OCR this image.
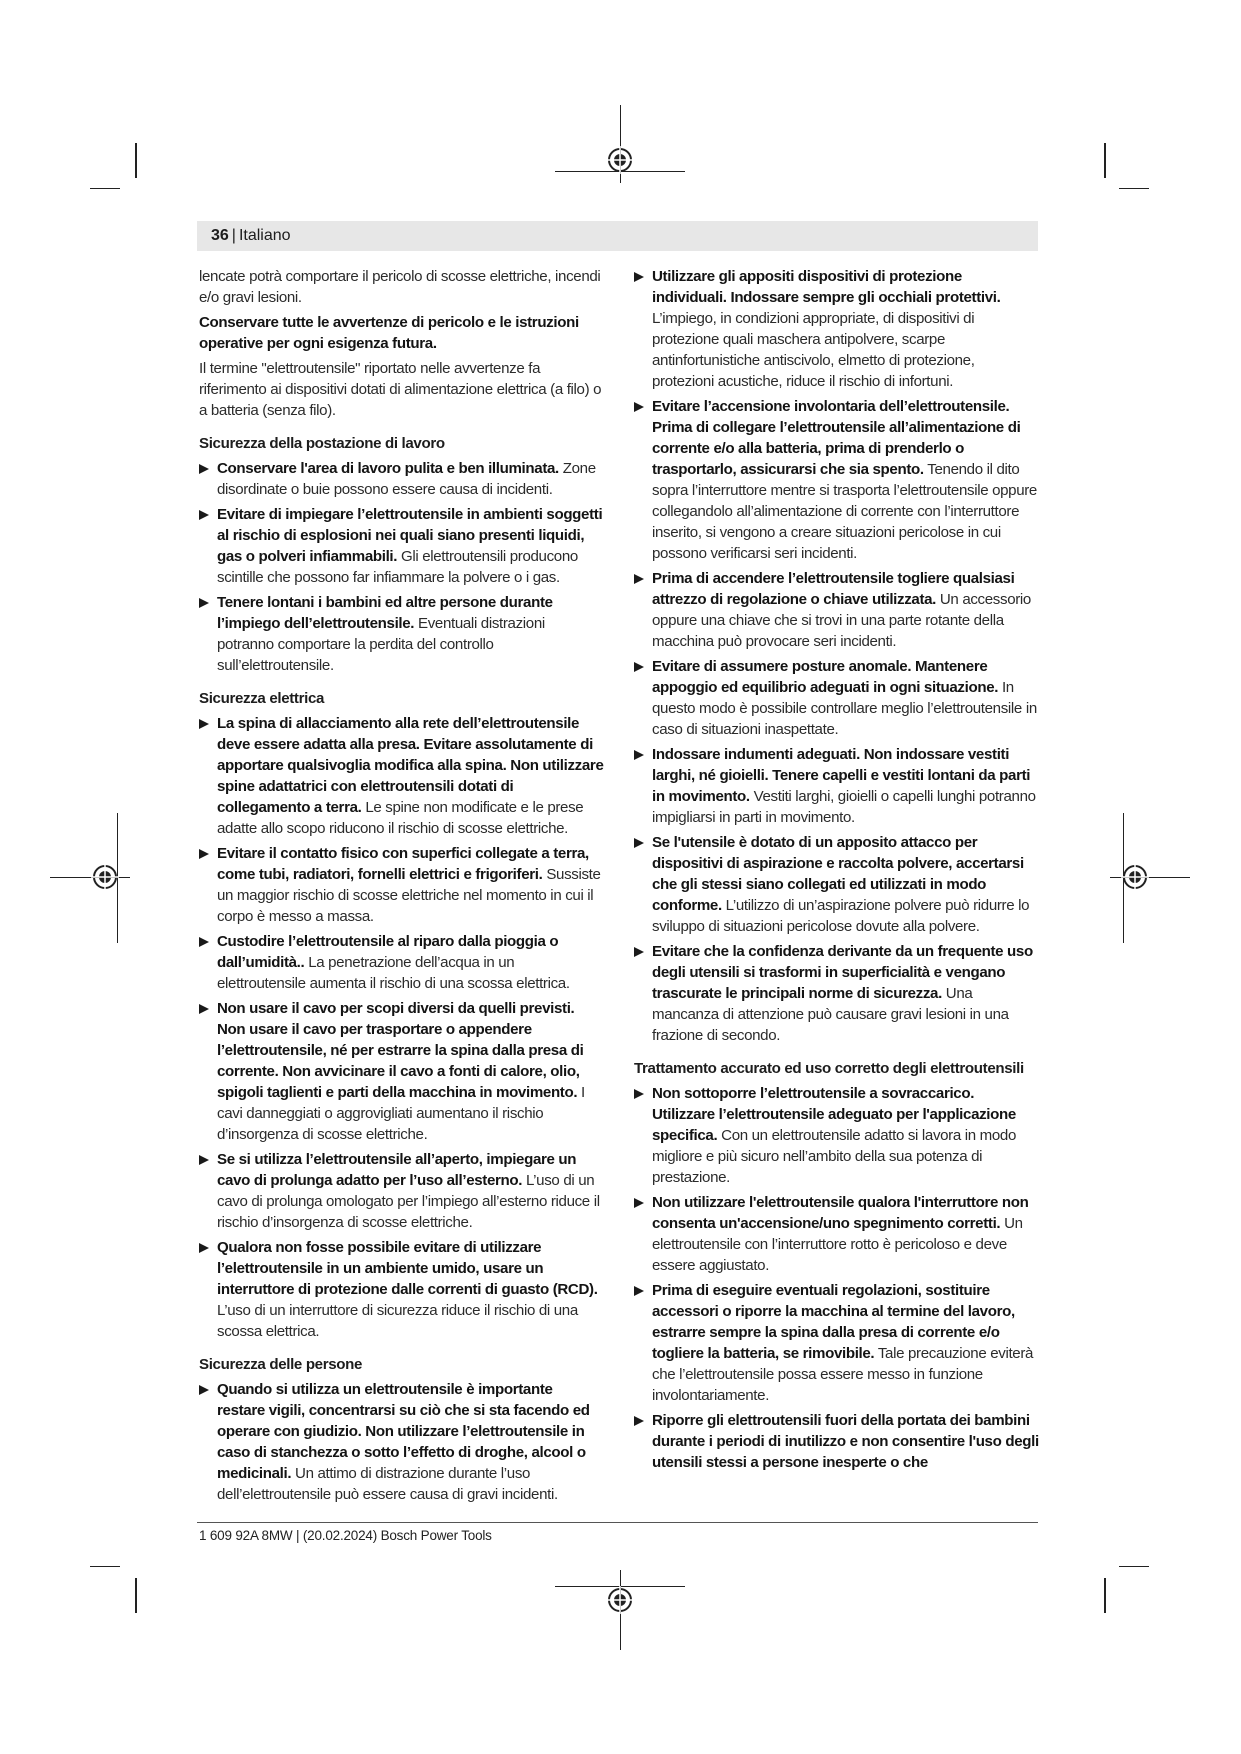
36 | Italiano

lencate potrà comportare il pericolo di scosse elettriche, incendi e/o gravi lesioni.

Conservare tutte le avvertenze di pericolo e le istruzioni operative per ogni esigenza futura.

Il termine "elettroutensile" riportato nelle avvertenze fa riferimento ai dispositivi dotati di alimentazione elettrica (a filo) o a batteria (senza filo).

Sicurezza della postazione di lavoro
Conservare l'area di lavoro pulita e ben illuminata. Zone disordinate o buie possono essere causa di incidenti.
Evitare di impiegare l’elettroutensile in ambienti soggetti al rischio di esplosioni nei quali siano presenti liquidi, gas o polveri infiammabili. Gli elettroutensili producono scintille che possono far infiammare la polvere o i gas.
Tenere lontani i bambini ed altre persone durante l’impiego dell’elettroutensile. Eventuali distrazioni potranno comportare la perdita del controllo sull’elettroutensile.
Sicurezza elettrica
La spina di allacciamento alla rete dell’elettroutensile deve essere adatta alla presa. Evitare assolutamente di apportare qualsivoglia modifica alla spina. Non utilizzare spine adattatrici con elettroutensili dotati di collegamento a terra. Le spine non modificate e le prese adatte allo scopo riducono il rischio di scosse elettriche.
Evitare il contatto fisico con superfici collegate a terra, come tubi, radiatori, fornelli elettrici e frigoriferi. Sussiste un maggior rischio di scosse elettriche nel momento in cui il corpo è messo a massa.
Custodire l’elettroutensile al riparo dalla pioggia o dall’umidità.. La penetrazione dell’acqua in un elettroutensile aumenta il rischio di una scossa elettrica.
Non usare il cavo per scopi diversi da quelli previsti. Non usare il cavo per trasportare o appendere l’elettroutensile, né per estrarre la spina dalla presa di corrente. Non avvicinare il cavo a fonti di calore, olio, spigoli taglienti e parti della macchina in movimento. I cavi danneggiati o aggrovigliati aumentano il rischio d’insorgenza di scosse elettriche.
Se si utilizza l’elettroutensile all’aperto, impiegare un cavo di prolunga adatto per l’uso all’esterno. L’uso di un cavo di prolunga omologato per l’impiego all’esterno riduce il rischio d’insorgenza di scosse elettriche.
Qualora non fosse possibile evitare di utilizzare l’elettroutensile in un ambiente umido, usare un interruttore di protezione dalle correnti di guasto (RCD). L’uso di un interruttore di sicurezza riduce il rischio di una scossa elettrica.
Sicurezza delle persone
Quando si utilizza un elettroutensile è importante restare vigili, concentrarsi su ciò che si sta facendo ed operare con giudizio. Non utilizzare l’elettroutensile in caso di stanchezza o sotto l’effetto di droghe, alcool o medicinali. Un attimo di distrazione durante l’uso dell’elettroutensile può essere causa di gravi incidenti.
Utilizzare gli appositi dispositivi di protezione individuali. Indossare sempre gli occhiali protettivi. L’impiego, in condizioni appropriate, di dispositivi di protezione quali maschera antipolvere, scarpe antinfortunistiche antiscivolo, elmetto di protezione, protezioni acustiche, riduce il rischio di infortuni.
Evitare l’accensione involontaria dell’elettroutensile. Prima di collegare l’elettroutensile all’alimentazione di corrente e/o alla batteria, prima di prenderlo o trasportarlo, assicurarsi che sia spento. Tenendo il dito sopra l’interruttore mentre si trasporta l’elettroutensile oppure collegandolo all’alimentazione di corrente con l’interruttore inserito, si vengono a creare situazioni pericolose in cui possono verificarsi seri incidenti.
Prima di accendere l’elettroutensile togliere qualsiasi attrezzo di regolazione o chiave utilizzata. Un accessorio oppure una chiave che si trovi in una parte rotante della macchina può provocare seri incidenti.
Evitare di assumere posture anomale. Mantenere appoggio ed equilibrio adeguati in ogni situazione. In questo modo è possibile controllare meglio l’elettroutensile in caso di situazioni inaspettate.
Indossare indumenti adeguati. Non indossare vestiti larghi, né gioielli. Tenere capelli e vestiti lontani da parti in movimento. Vestiti larghi, gioielli o capelli lunghi potranno impigliarsi in parti in movimento.
Se l'utensile è dotato di un apposito attacco per dispositivi di aspirazione e raccolta polvere, accertarsi che gli stessi siano collegati ed utilizzati in modo conforme. L’utilizzo di un’aspirazione polvere può ridurre lo sviluppo di situazioni pericolose dovute alla polvere.
Evitare che la confidenza derivante da un frequente uso degli utensili si trasformi in superficialità e vengano trascurate le principali norme di sicurezza. Una mancanza di attenzione può causare gravi lesioni in una frazione di secondo.
Trattamento accurato ed uso corretto degli elettroutensili
Non sottoporre l’elettroutensile a sovraccarico. Utilizzare l’elettroutensile adeguato per l'applicazione specifica. Con un elettroutensile adatto si lavora in modo migliore e più sicuro nell’ambito della sua potenza di prestazione.
Non utilizzare l'elettroutensile qualora l'interruttore non consenta un'accensione/uno spegnimento corretti. Un elettroutensile con l’interruttore rotto è pericoloso e deve essere aggiustato.
Prima di eseguire eventuali regolazioni, sostituire accessori o riporre la macchina al termine del lavoro, estrarre sempre la spina dalla presa di corrente e/o togliere la batteria, se rimovibile. Tale precauzione eviterà che l’elettroutensile possa essere messo in funzione involontariamente.
Riporre gli elettroutensili fuori della portata dei bambini durante i periodi di inutilizzo e non consentire l'uso degli utensili stessi a persone inesperte o che
1 609 92A 8MW | (20.02.2024) Bosch Power Tools
